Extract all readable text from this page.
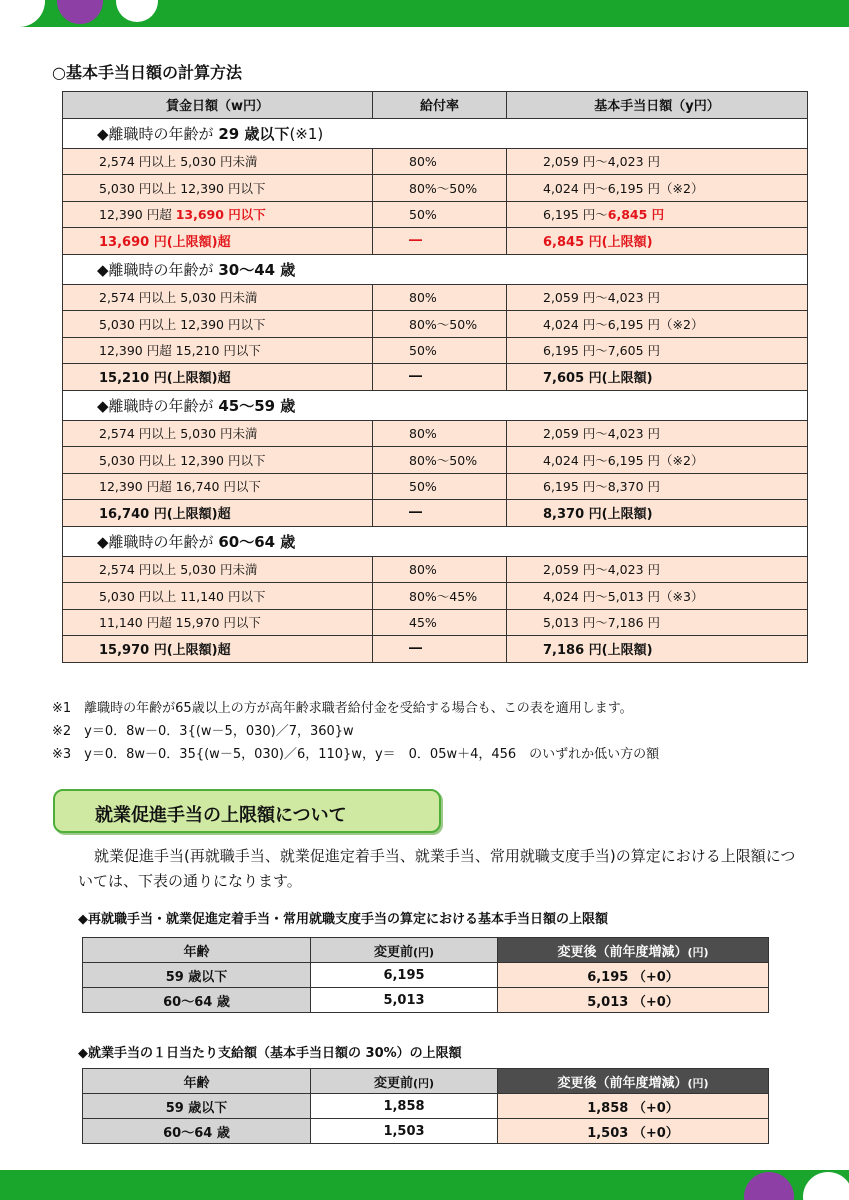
○基本手当日額の計算方法
賃金日額（w円）	給付率	基本手当日額（y円）
◆離職時の年齢が 29 歳以下(※1)		
2,574 円以上 5,030 円未満	80%	2,059 円～4,023 円
5,030 円以上 12,390 円以下	80%～50%	4,024 円～6,195 円（※2）
12,390 円超 13,690 円以下	50%	6,195 円～6,845 円
13,690 円(上限額)超	―	6,845 円(上限額)
◆離職時の年齢が 30～44 歳		
2,574 円以上 5,030 円未満	80%	2,059 円～4,023 円
5,030 円以上 12,390 円以下	80%～50%	4,024 円～6,195 円（※2）
12,390 円超 15,210 円以下	50%	6,195 円～7,605 円
15,210 円(上限額)超	―	7,605 円(上限額)
◆離職時の年齢が 45～59 歳		
2,574 円以上 5,030 円未満	80%	2,059 円～4,023 円
5,030 円以上 12,390 円以下	80%～50%	4,024 円～6,195 円（※2）
12,390 円超 16,740 円以下	50%	6,195 円～8,370 円
16,740 円(上限額)超	―	8,370 円(上限額)
◆離職時の年齢が 60～64 歳		
2,574 円以上 5,030 円未満	80%	2,059 円～4,023 円
5,030 円以上 11,140 円以下	80%～45%	4,024 円～5,013 円（※3）
11,140 円超 15,970 円以下	45%	5,013 円～7,186 円
15,970 円(上限額)超	―	7,186 円(上限額)
※1　離職時の年齢が65歳以上の方が高年齢求職者給付金を受給する場合も、この表を適用します。
※2　y＝0．8w－0．3{(w－5，030)／7，360}w
※3　y＝0．8w－0．35{(w－5，030)／6，110}w，y＝　0．05w＋4，456　のいずれか低い方の額
就業促進手当の上限額について

就業促進手当(再就職手当、就業促進定着手当、就業手当、常用就職支度手当)の算定における上限額については、下表の通りになります。

◆再就職手当・就業促進定着手当・常用就職支度手当の算定における基本手当日額の上限額
年齢	変更前(円)	変更後（前年度増減）(円)
59 歳以下	6,195	6,195 （+0）
60～64 歳	5,013	5,013 （+0）
◆就業手当の１日当たり支給額（基本手当日額の 30%）の上限額
年齢	変更前(円)	変更後（前年度増減）(円)
59 歳以下	1,858	1,858 （+0）
60～64 歳	1,503	1,503 （+0）
